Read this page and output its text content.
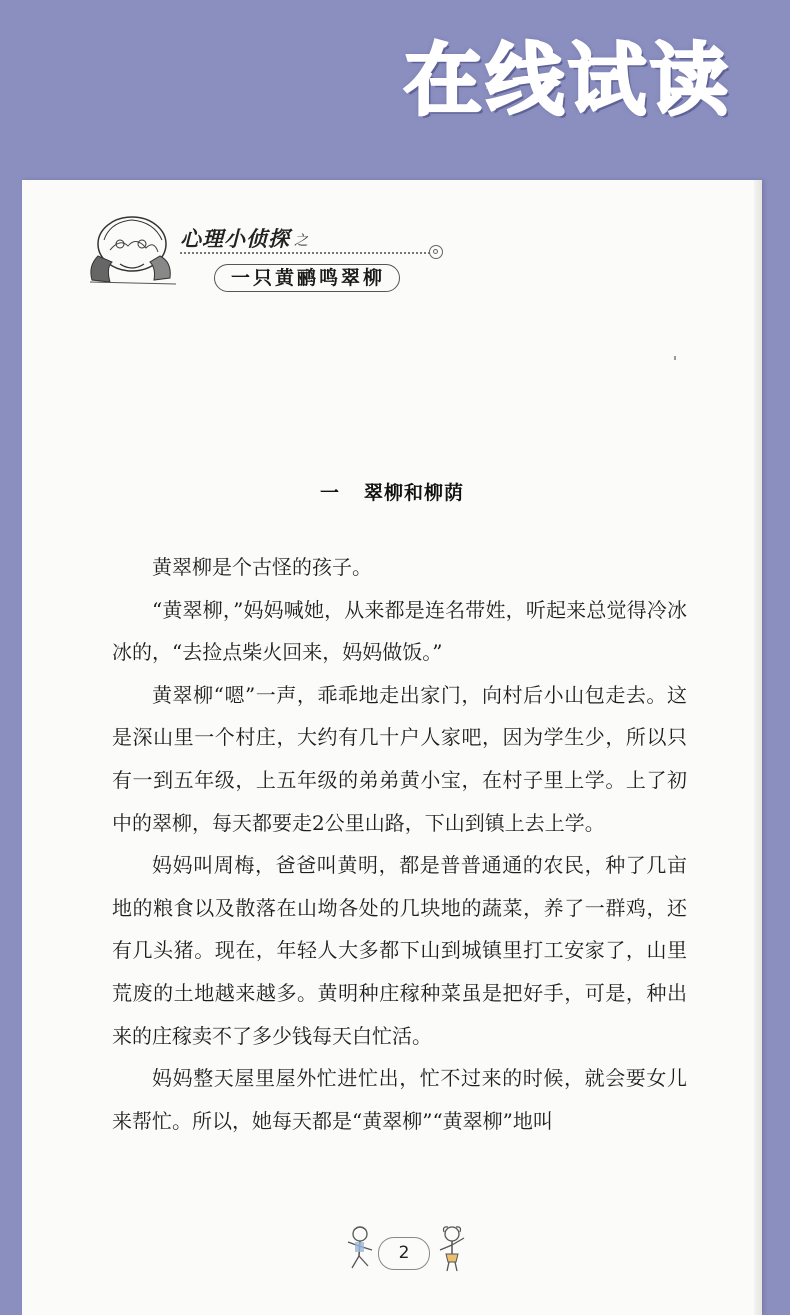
在线试读
心理小侦探 之
一只黄鹂鸣翠柳
一 翠柳和柳荫

黄翠柳是个古怪的孩子。

“黄翠柳，”妈妈喊她，从来都是连名带姓，听起来总觉得冷冰冰的，“去捡点柴火回来，妈妈做饭。”

黄翠柳“嗯”一声，乖乖地走出家门，向村后小山包走去。这是深山里一个村庄，大约有几十户人家吧，因为学生少，所以只有一到五年级，上五年级的弟弟黄小宝，在村子里上学。上了初中的翠柳，每天都要走2公里山路，下山到镇上去上学。

妈妈叫周梅，爸爸叫黄明，都是普普通通的农民，种了几亩地的粮食以及散落在山坳各处的几块地的蔬菜，养了一群鸡，还有几头猪。现在，年轻人大多都下山到城镇里打工安家了，山里荒废的土地越来越多。黄明种庄稼种菜虽是把好手，可是，种出来的庄稼卖不了多少钱每天白忙活。

妈妈整天屋里屋外忙进忙出，忙不过来的时候，就会要女儿来帮忙。所以，她每天都是“黄翠柳”“黄翠柳”地叫

2
